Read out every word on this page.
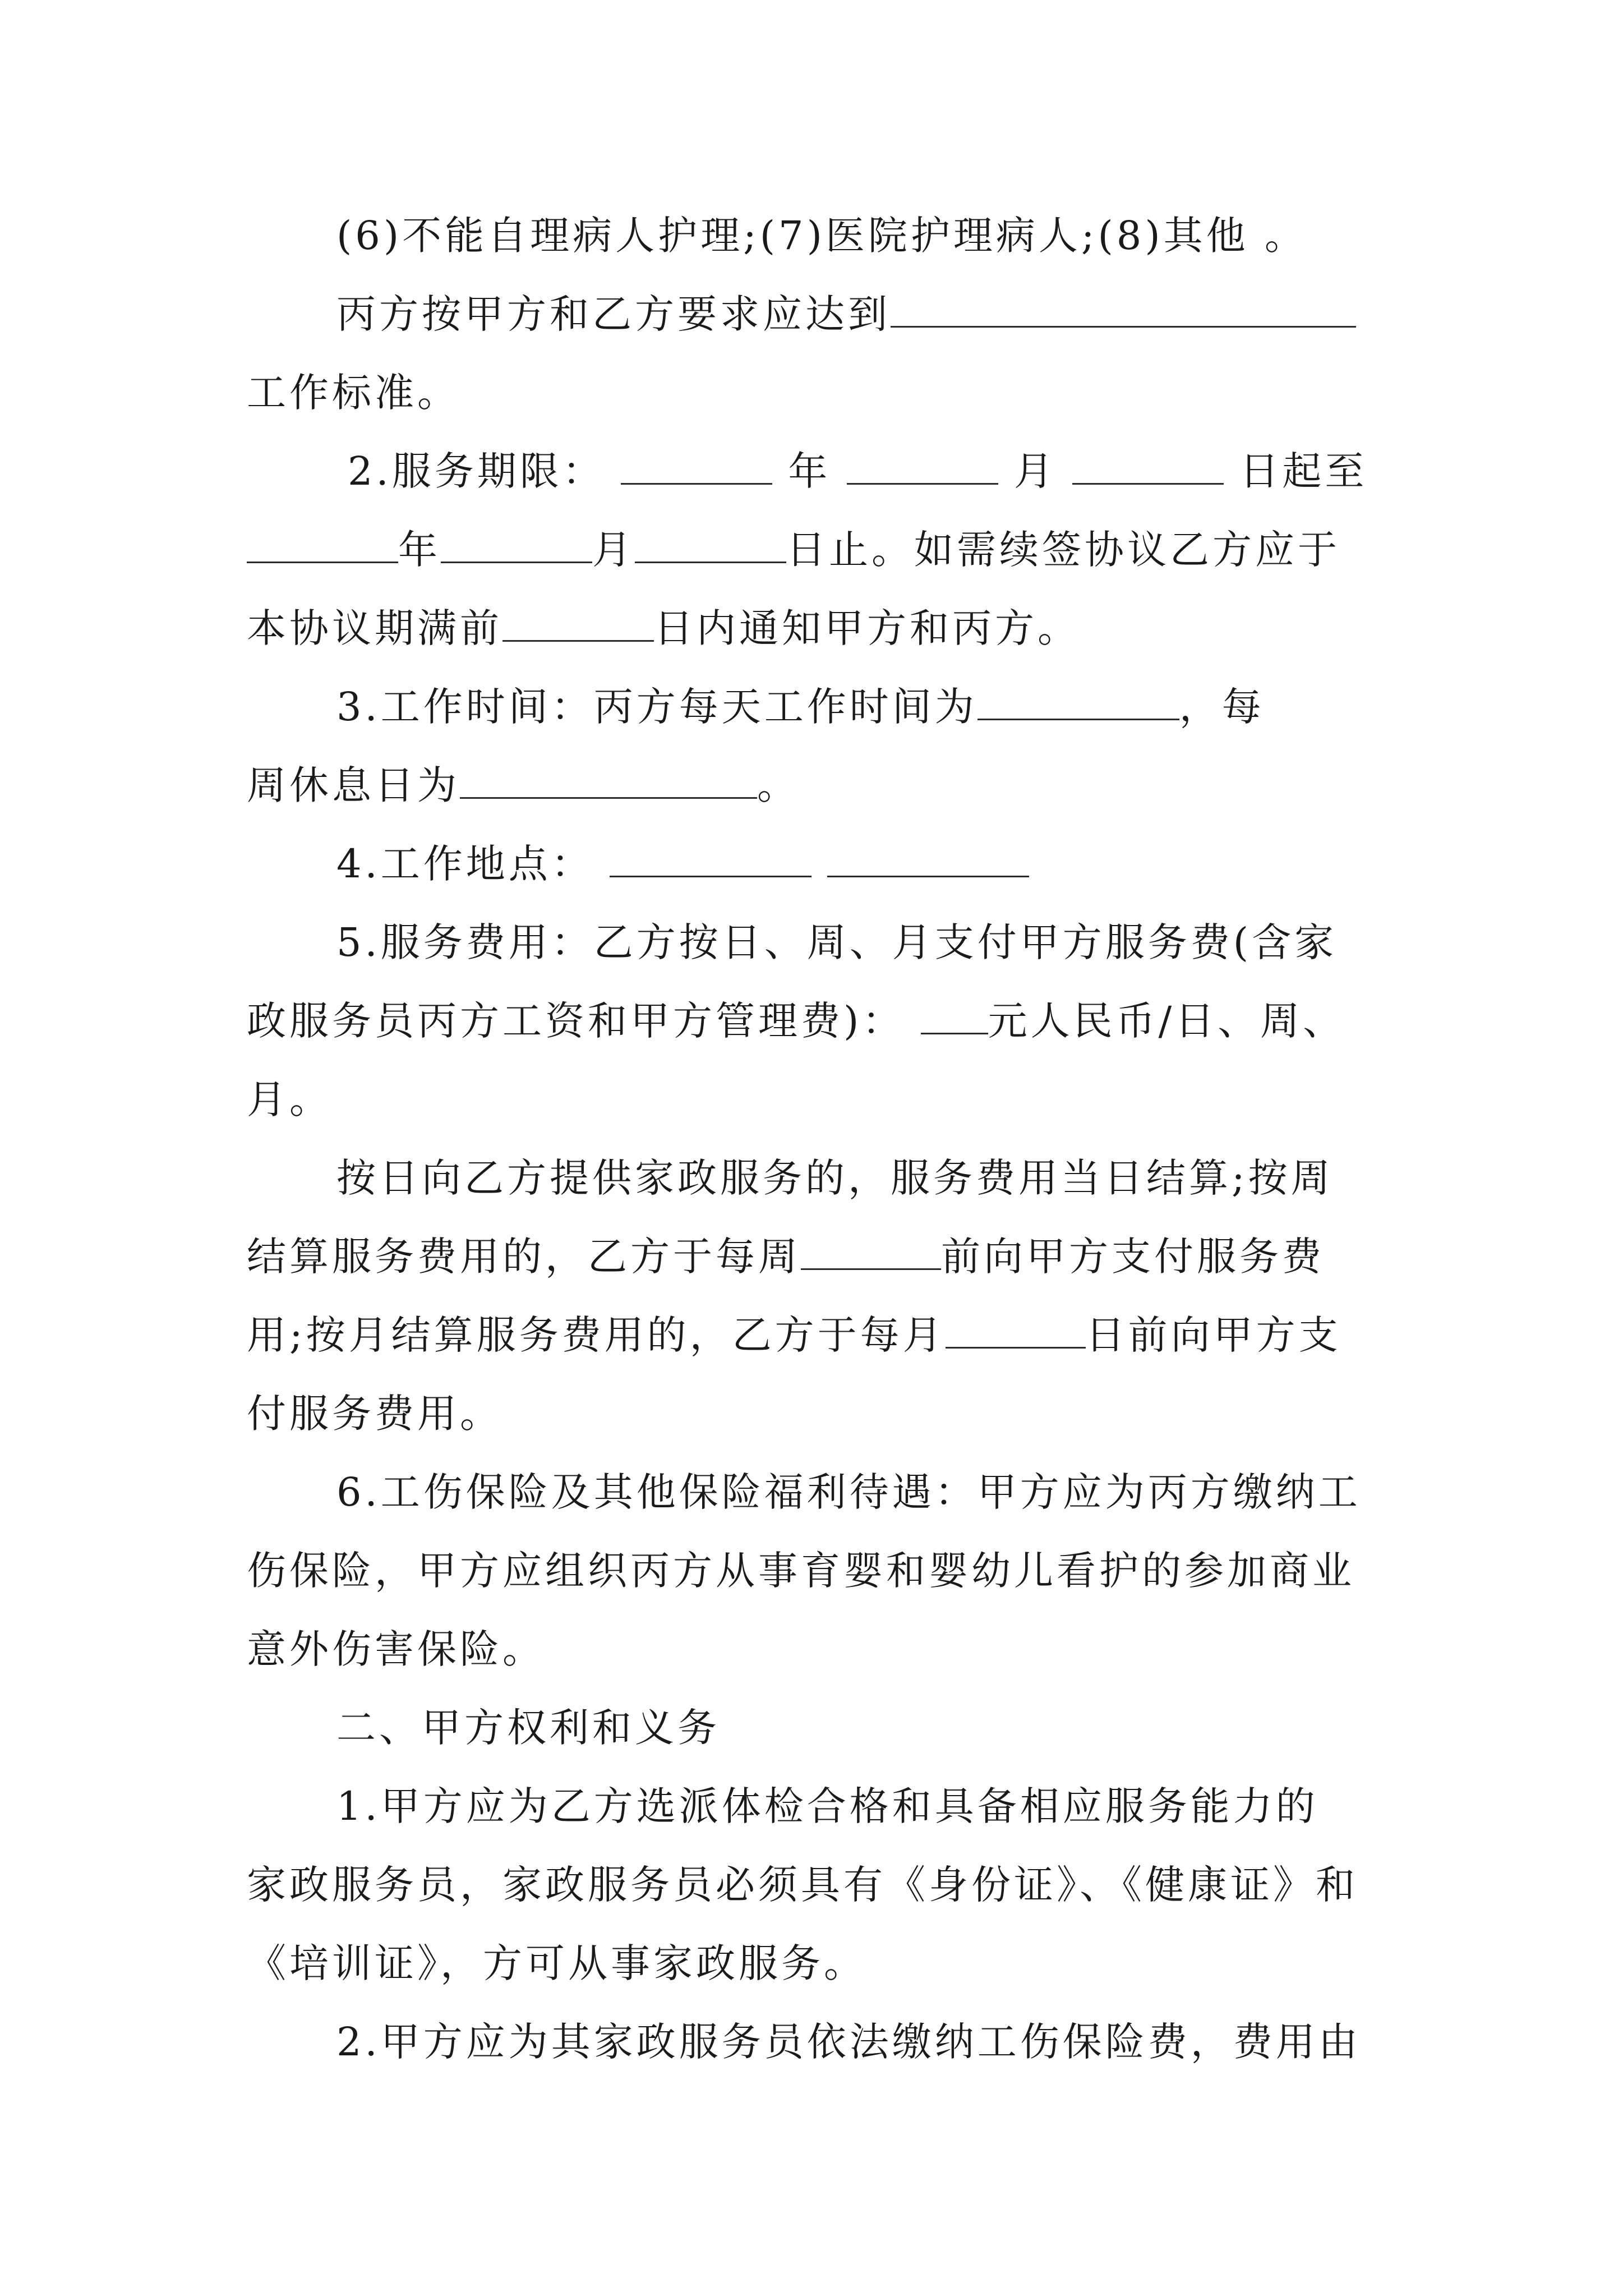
(6)不能自理病人护理;(7)医院护理病人;(8)其他 。
丙方按甲方和乙方要求应达到
工作标准。
2.服务期限：	年	月	日起至
年	月	日止。如需续签协议乙方应于
本协议期满前	日内通知甲方和丙方。
3.工作时间：丙方每天工作时间为	，每
周休息日为	。
4.工作地点：
5.服务费用：乙方按日、周、月支付甲方服务费(含家
政服务员丙方工资和甲方管理费)： 元人民币/日、周、
月。
按日向乙方提供家政服务的，服务费用当日结算;按周
结算服务费用的，乙方于每周	前向甲方支付服务费
用;按月结算服务费用的，乙方于每月	日前向甲方支
付服务费用。
6.工伤保险及其他保险福利待遇：甲方应为丙方缴纳工
伤保险，甲方应组织丙方从事育婴和婴幼儿看护的参加商业
意外伤害保险。
二、甲方权利和义务
1.甲方应为乙方选派体检合格和具备相应服务能力的
家政服务员，家政服务员必须具有《身份证》、《健康证》和
《培训证》，方可从事家政服务。
2.甲方应为其家政服务员依法缴纳工伤保险费，费用由
